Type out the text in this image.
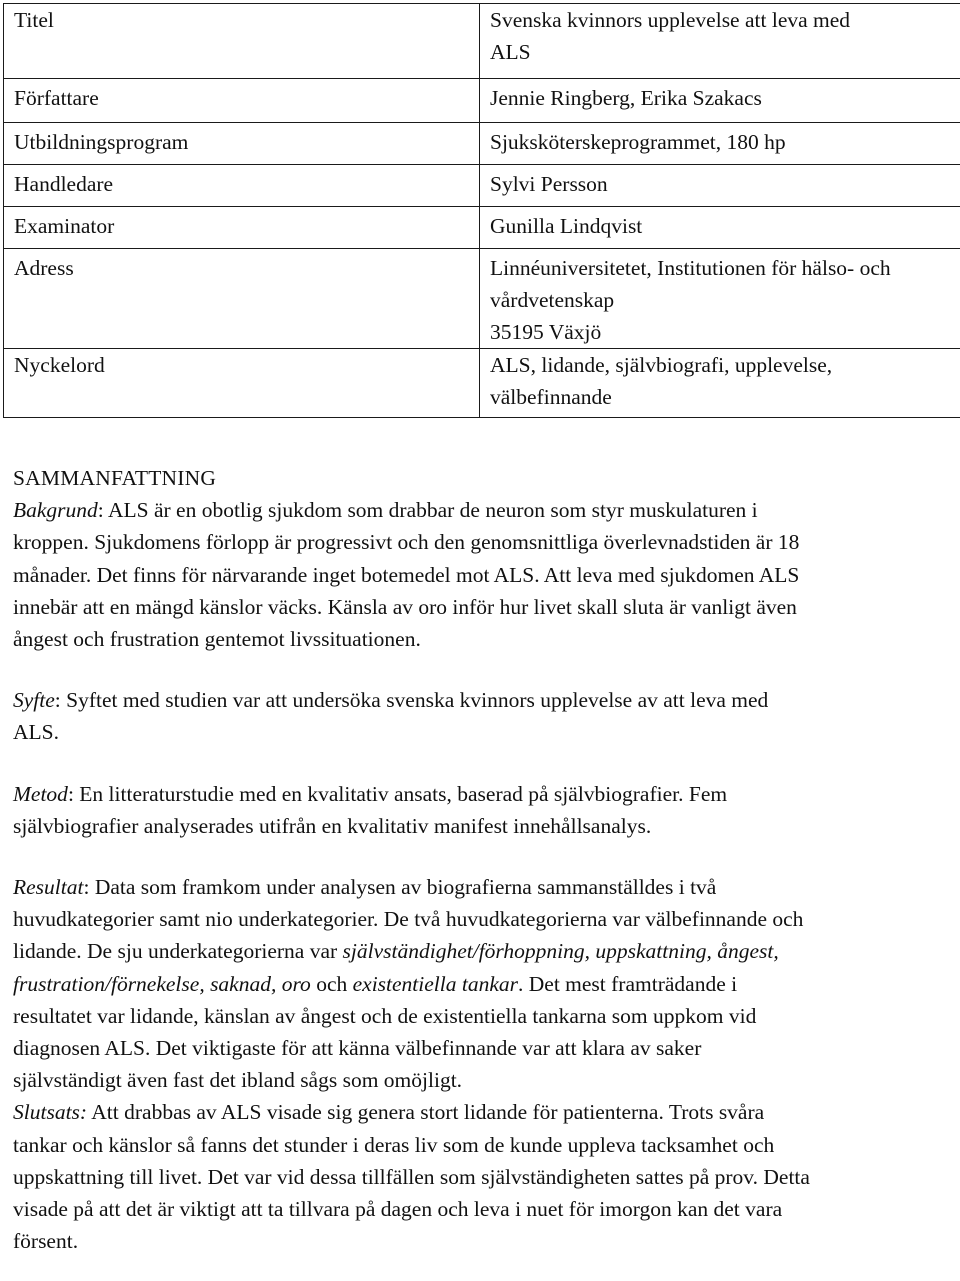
Titel	Svenska kvinnors upplevelse att leva med
ALS

Författare	Jennie Ringberg, Erika Szakacs
Utbildningsprogram	Sjuksköterskeprogrammet, 180 hp
Handledare	Sylvi Persson
Examinator	Gunilla Lindqvist
Adress	Linnéuniversitetet, Institutionen för hälso- och
vårdvetenskap
35195 Växjö

Nyckelord	ALS, lidande, självbiografi, upplevelse,
välbefinnande

SAMMANFATTNING

Bakgrund: ALS är en obotlig sjukdom som drabbar de neuron som styr muskulaturen i
kroppen. Sjukdomens förlopp är progressivt och den genomsnittliga överlevnadstiden är 18
månader. Det finns för närvarande inget botemedel mot ALS. Att leva med sjukdomen ALS
innebär att en mängd känslor väcks. Känsla av oro inför hur livet skall sluta är vanligt även
ångest och frustration gentemot livssituationen.

Syfte: Syftet med studien var att undersöka svenska kvinnors upplevelse av att leva med
ALS.

Metod: En litteraturstudie med en kvalitativ ansats, baserad på självbiografier. Fem
självbiografier analyserades utifrån en kvalitativ manifest innehållsanalys.

Resultat: Data som framkom under analysen av biografierna sammanställdes i två
huvudkategorier samt nio underkategorier. De två huvudkategorierna var välbefinnande och
lidande. De sju underkategorierna var självständighet/förhoppning, uppskattning, ångest,
frustration/förnekelse, saknad, oro och existentiella tankar. Det mest framträdande i
resultatet var lidande, känslan av ångest och de existentiella tankarna som uppkom vid
diagnosen ALS. Det viktigaste för att känna välbefinnande var att klara av saker
självständigt även fast det ibland sågs som omöjligt.

Slutsats: Att drabbas av ALS visade sig genera stort lidande för patienterna. Trots svåra
tankar och känslor så fanns det stunder i deras liv som de kunde uppleva tacksamhet och
uppskattning till livet. Det var vid dessa tillfällen som självständigheten sattes på prov. Detta
visade på att det är viktigt att ta tillvara på dagen och leva i nuet för imorgon kan det vara
försent.
